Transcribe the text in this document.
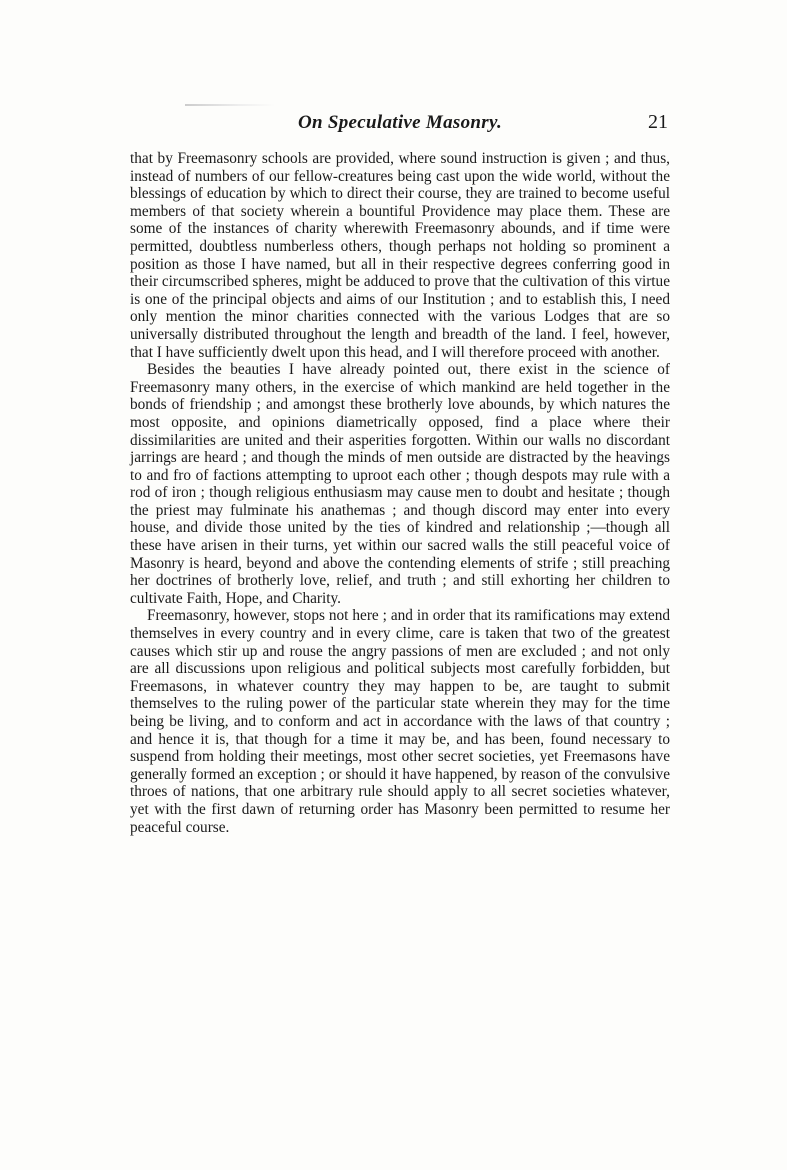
On Speculative Masonry.	21

that by Freemasonry schools are provided, where sound instruction is given ; and thus, instead of numbers of our fellow-creatures being cast upon the wide world, without the blessings of education by which to direct their course, they are trained to become useful members of that society wherein a bountiful Providence may place them. These are some of the instances of charity wherewith Freemasonry abounds, and if time were permitted, doubtless numberless others, though perhaps not holding so prominent a position as those I have named, but all in their respective degrees conferring good in their circumscribed spheres, might be adduced to prove that the cultivation of this virtue is one of the principal objects and aims of our Institution ; and to establish this, I need only mention the minor charities connected with the various Lodges that are so universally distributed throughout the length and breadth of the land. I feel, however, that I have sufficiently dwelt upon this head, and I will therefore proceed with another.

Besides the beauties I have already pointed out, there exist in the science of Freemasonry many others, in the exercise of which mankind are held together in the bonds of friendship ; and amongst these brotherly love abounds, by which natures the most opposite, and opinions diametrically opposed, find a place where their dissimilarities are united and their asperities forgotten. Within our walls no discordant jarrings are heard ; and though the minds of men outside are distracted by the heavings to and fro of factions attempting to uproot each other ; though despots may rule with a rod of iron ; though religious enthusiasm may cause men to doubt and hesitate ; though the priest may fulminate his anathemas ; and though discord may enter into every house, and divide those united by the ties of kindred and relationship ;—though all these have arisen in their turns, yet within our sacred walls the still peaceful voice of Masonry is heard, beyond and above the contending elements of strife ; still preaching her doctrines of brotherly love, relief, and truth ; and still exhorting her children to cultivate Faith, Hope, and Charity.

Freemasonry, however, stops not here ; and in order that its ramifications may extend themselves in every country and in every clime, care is taken that two of the greatest causes which stir up and rouse the angry passions of men are excluded ; and not only are all discussions upon religious and political subjects most carefully forbidden, but Freemasons, in whatever country they may happen to be, are taught to submit themselves to the ruling power of the particular state wherein they may for the time being be living, and to conform and act in accordance with the laws of that country ; and hence it is, that though for a time it may be, and has been, found necessary to suspend from holding their meetings, most other secret societies, yet Freemasons have generally formed an exception ; or should it have happened, by reason of the convulsive throes of nations, that one arbitrary rule should apply to all secret societies whatever, yet with the first dawn of returning order has Masonry been permitted to resume her peaceful course.
